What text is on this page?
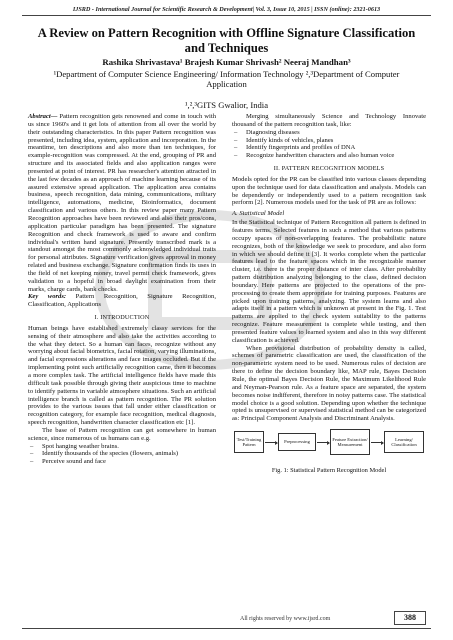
IJSRD - International Journal for Scientific Research & Development| Vol. 3, Issue 10, 2015 | ISSN (online): 2321-0613
A Review on Pattern Recognition with Offline Signature Classification
and Techniques
Rashika Shrivastava¹ Brajesh Kumar Shrivash² Neeraj Mandhan³
¹Department of Computer Science Engineering/ Information Technology ²,³Department of Computer
Application
¹,²,³GITS Gwalior, India

Abstract— Pattern recognition gets renowned and come in touch with us since 1960's and it get lots of attention from all over the world by their outstanding characteristics. In this paper Pattern recognition was presented, including idea, system, application and incorporation. In the meantime, ten descriptions and also more than ten techniques, for example-recognition was compressed. At the end, grouping of PR and structure and its associated fields and also application ranges were presented at point of interest. PR has researcher's attention attracted in the last few decades as an approach of machine learning because of its assured extensive spread application. The application area contains business, speech recognition, data mining, communications, military intelligence, automations, medicine, Bioinformatics, document classification and various others. In this review paper many Pattern Recognition approaches have been reviewed and also their pros/cons, application particular paradigm has been presented. The signature Recognition and check framework is used to aware and confirm individual's written hand signature. Presently transcribed mark is a standout amongst the most commonly acknowledged individual traits for personal attributes. Signature verification gives approval in money related and business exchange. Signature confirmation finds its uses in the field of net keeping money, travel permit check framework, gives validation to a hopeful in broad daylight examination from their marks, charge cards, bank checks.

Key words: Pattern Recognition, Signature Recognition, Classification, Applications

I. INTRODUCTION

Human beings have established extremely classy services for the sensing of their atmosphere and also take the activities according to the what they detect. So a human can faces, recognize without any worrying about facial biometrics, facial rotation, varying illuminations, and facial expressions alterations and face images occluded. But if the implementing point such artificially recognition came, then it becomes a more complex task. The artificial intelligence fields have made this difficult task possible through giving their auspicious time to machine to identify patterns in variable atmosphere situations. Such an artificial intelligence branch is called as pattern recognition. The PR solution provides to the various issues that fall under either classification or recognition category, for example face recognition, medical diagnosis, speech recognition, handwritten character classification etc [1].

The base of Pattern recognition can get somewhere in human science, since numerous of us humans can e.g.

– Spot hanging weather brains.
– Identify thousands of the species (flowers, animals)
– Perceive sound and face

Merging simultaneously Science and Technology Innovate thousand of the pattern recognition task, like:

– Diagnosing diseases
– Identify kinds of vehicles, planes
– Identify fingerprints and profiles of DNA
– Recognize handwritten characters and also human voice
II. PATTERN RECOGNITION MODELS

Models opted for the PR can be classified into various classes depending upon the technique used for data classification and analysis. Models can be dependently or independently used to a pattern recognition task perform [2]. Numerous models used for the task of PR are as follows:

A. Statistical Model

In the Statistical technique of Pattern Recognition all pattern is defined in features terms. Selected features in such a method that various patterns occupy spaces of non-overlapping features. The probabilistic nature recognizes, both of the knowledge we seek to procedure, and also form in which we should define it [3]. It works complete when the particular features lead to the feature spaces which in the recognizable manner cluster, i.e. there is the proper distance of inter class. After probability pattern distribution analyzing belonging to the class, defined decision boundary. Here patterns are projected to the operations of the pre-processing to create them appropriate for training purposes. Features are picked upon training patterns, analyzing. The system learns and also adapts itself in a pattern which is unknown at present in the Fig. 1. Test patterns are applied to the check system suitability to the patterns recognize. Feature measurement is complete while testing, and then presented feature values to learned system and also in this way different classification is achieved.

When provisional distribution of probability density is called, schemes of parametric classification are used, the classification of the non-parametric system need to be used. Numerous rules of decision are there to define the decision boundary like, MAP rule, Bayes Decision Rule, the optimal Bayes Decision Rule, the Maximum Likelihood Rule and Neyman-Pearson rule. As a feature space are separated, the system becomes noise indifferent, therefore in noisy patterns case. The statistical model choice is a good solution. Depending upon whether the technique opted is unsupervised or supervised statistical method can be categorized as: Principal Component Analysis and Discriminant Analysis.

Test/Training Pattern
Preprocessing
Feature Extraction/ Measurement
Learning/ Classification
Fig. 1: Statistical Pattern Recognition Model
All rights reserved by www.ijsrd.com	388
